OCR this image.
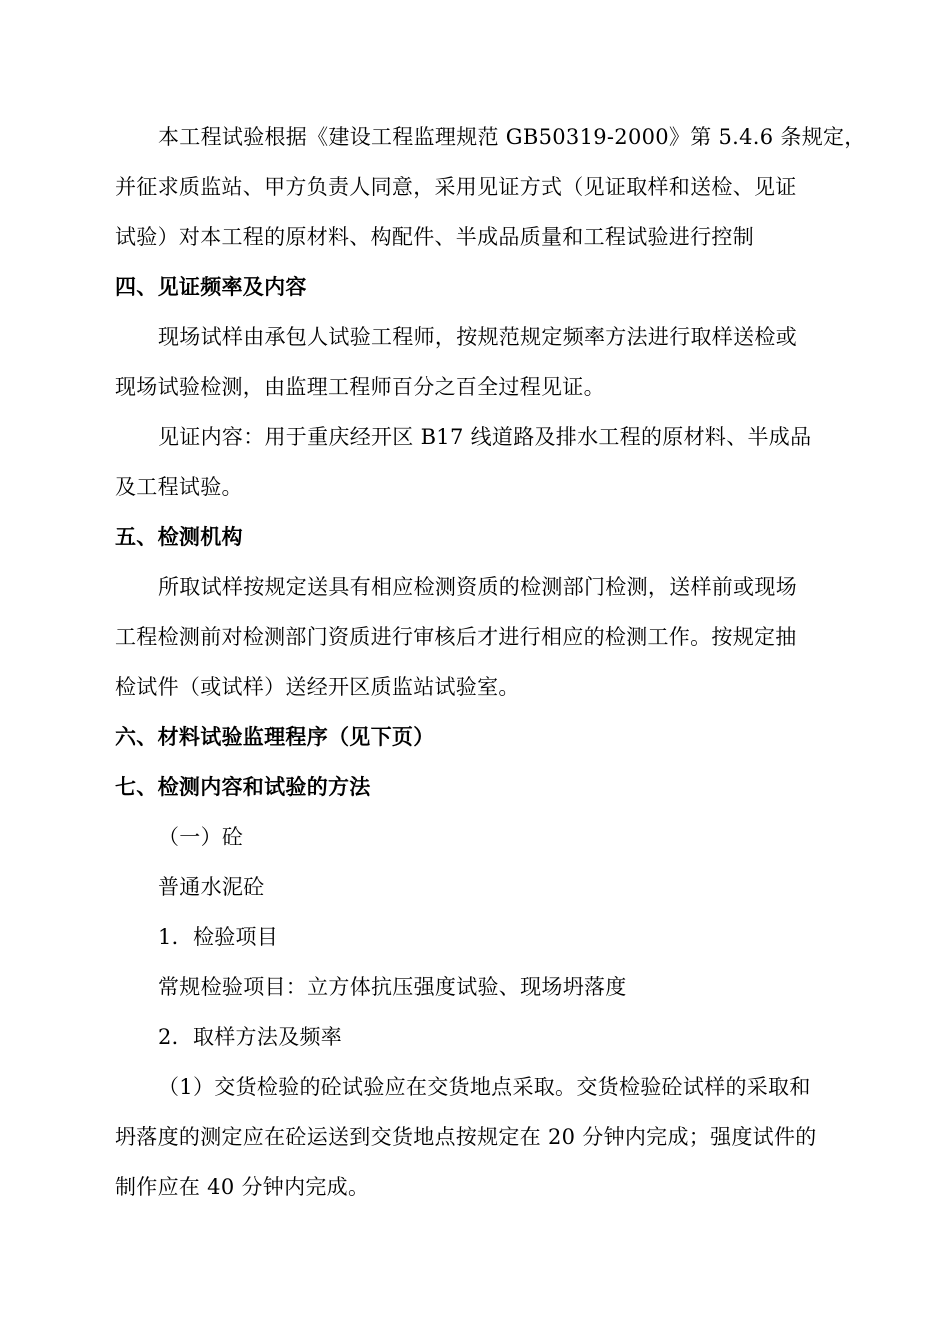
本工程试验根据《建设工程监理规范 GB50319-2000》第 5.4.6 条规定，
并征求质监站、甲方负责人同意，采用见证方式（见证取样和送检、见证
试验）对本工程的原材料、构配件、半成品质量和工程试验进行控制
四、见证频率及内容
现场试样由承包人试验工程师，按规范规定频率方法进行取样送检或
现场试验检测，由监理工程师百分之百全过程见证。
见证内容：用于重庆经开区 B17 线道路及排水工程的原材料、半成品
及工程试验。
五、检测机构
所取试样按规定送具有相应检测资质的检测部门检测，送样前或现场
工程检测前对检测部门资质进行审核后才进行相应的检测工作。按规定抽
检试件（或试样）送经开区质监站试验室。
六、材料试验监理程序（见下页）
七、检测内容和试验的方法
（一）砼
普通水泥砼
1．检验项目
常规检验项目：立方体抗压强度试验、现场坍落度
2．取样方法及频率
（1）交货检验的砼试验应在交货地点采取。交货检验砼试样的采取和
坍落度的测定应在砼运送到交货地点按规定在 20 分钟内完成；强度试件的
制作应在 40 分钟内完成。
